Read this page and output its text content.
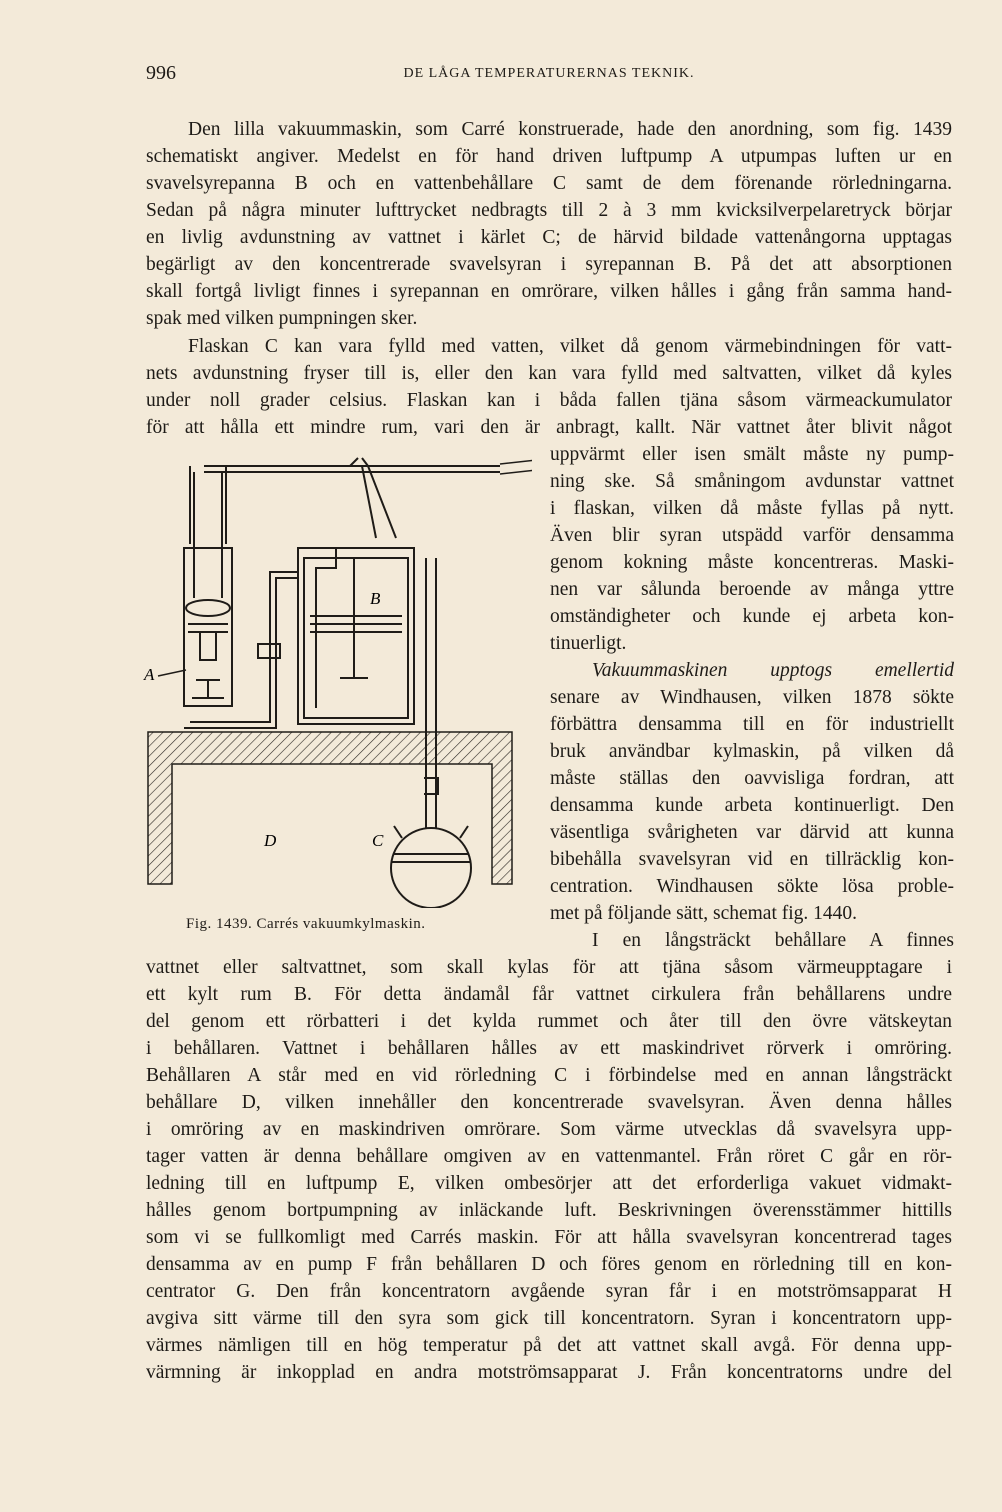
996	DE LÅGA TEMPERATURERNAS TEKNIK.
Den lilla vakuummaskin, som Carré konstruerade, hade den anordning, som fig. 1439
schematiskt angiver. Medelst en för hand driven luftpump A utpumpas luften ur en
svavelsyrepanna B och en vattenbehållare C samt de dem förenande rörledningarna.
Sedan på några minuter lufttrycket nedbragts till 2 à 3 mm kvicksilverpelaretryck börjar
en livlig avdunstning av vattnet i kärlet C; de härvid bildade vattenångorna upptagas
begärligt av den koncentrerade svavelsyran i syrepannan B. På det att absorptionen
skall fortgå livligt finnes i syrepannan en omrörare, vilken hålles i gång från samma hand-
spak med vilken pumpningen sker.
Flaskan C kan vara fylld med vatten, vilket då genom värmebindningen för vatt-
nets avdunstning fryser till is, eller den kan vara fylld med saltvatten, vilket då kyles
under noll grader celsius. Flaskan kan i båda fallen tjäna såsom värmeackumulator
för att hålla ett mindre rum, vari den är anbragt, kallt. När vattnet åter blivit något
uppvärmt eller isen smält måste ny pump-
ning ske. Så småningom avdunstar vattnet
i flaskan, vilken då måste fyllas på nytt.
Även blir syran utspädd varför densamma
genom kokning måste koncentreras. Maski-
nen var sålunda beroende av många yttre
omständigheter och kunde ej arbeta kon-
tinuerligt.
Vakuummaskinen upptogs emellertid
senare av Windhausen, vilken 1878 sökte
förbättra densamma till en för industriellt
bruk användbar kylmaskin, på vilken då
måste ställas den oavvisliga fordran, att
densamma kunde arbeta kontinuerligt. Den
väsentliga svårigheten var därvid att kunna
bibehålla svavelsyran vid en tillräcklig kon-
centration. Windhausen sökte lösa proble-
met på följande sätt, schemat fig. 1440.
I en långsträckt behållare A finnes
A
B
C
D
Fig. 1439. Carrés vakuumkylmaskin.
vattnet eller saltvattnet, som skall kylas för att tjäna såsom värmeupptagare i
ett kylt rum B. För detta ändamål får vattnet cirkulera från behållarens undre
del genom ett rörbatteri i det kylda rummet och åter till den övre vätskeytan
i behållaren. Vattnet i behållaren hålles av ett maskindrivet rörverk i omröring.
Behållaren A står med en vid rörledning C i förbindelse med en annan långsträckt
behållare D, vilken innehåller den koncentrerade svavelsyran. Även denna hålles
i omröring av en maskindriven omrörare. Som värme utvecklas då svavelsyra upp-
tager vatten är denna behållare omgiven av en vattenmantel. Från röret C går en rör-
ledning till en luftpump E, vilken ombesörjer att det erforderliga vakuet vidmakt-
hålles genom bortpumpning av inläckande luft. Beskrivningen överensstämmer hittills
som vi se fullkomligt med Carrés maskin. För att hålla svavelsyran koncentrerad tages
densamma av en pump F från behållaren D och föres genom en rörledning till en kon-
centrator G. Den från koncentratorn avgående syran får i en motströmsapparat H
avgiva sitt värme till den syra som gick till koncentratorn. Syran i koncentratorn upp-
värmes nämligen till en hög temperatur på det att vattnet skall avgå. För denna upp-
värmning är inkopplad en andra motströmsapparat J. Från koncentratorns undre del
